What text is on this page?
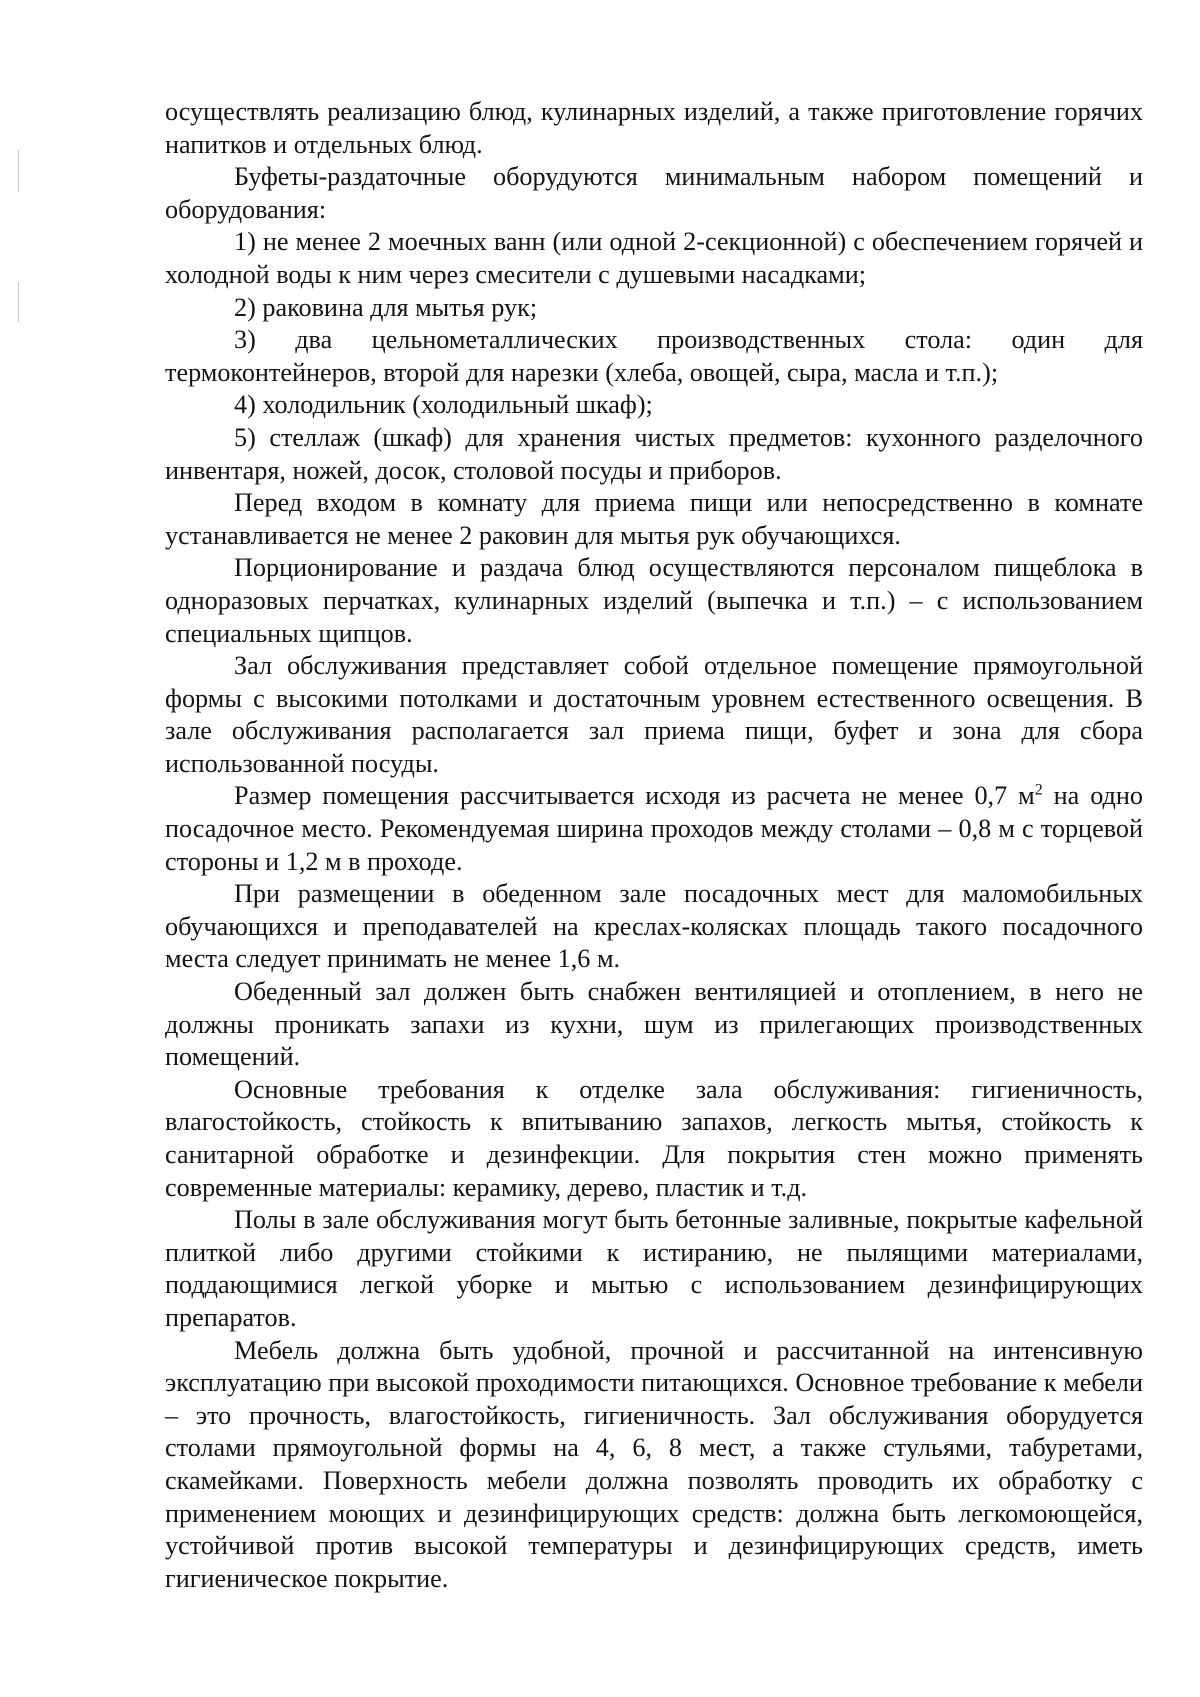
осуществлять реализацию блюд, кулинарных изделий, а также приготовление горячих напитков и отдельных блюд.

Буфеты-раздаточные оборудуются минимальным набором помещений и оборудования:

1) не менее 2 моечных ванн (или одной 2-секционной) с обеспечением горячей и холодной воды к ним через смесители с душевыми насадками;

2) раковина для мытья рук;

3) два цельнометаллических производственных стола: один для термоконтейнеров, второй для нарезки (хлеба, овощей, сыра, масла и т.п.);

4) холодильник (холодильный шкаф);

5) стеллаж (шкаф) для хранения чистых предметов: кухонного разделочного инвентаря, ножей, досок, столовой посуды и приборов.

Перед входом в комнату для приема пищи или непосредственно в комнате устанавливается не менее 2 раковин для мытья рук обучающихся.

Порционирование и раздача блюд осуществляются персоналом пищеблока в одноразовых перчатках, кулинарных изделий (выпечка и т.п.) – с использованием специальных щипцов.

Зал обслуживания представляет собой отдельное помещение прямоугольной формы с высокими потолками и достаточным уровнем естественного освещения. В зале обслуживания располагается зал приема пищи, буфет и зона для сбора использованной посуды.

Размер помещения рассчитывается исходя из расчета не менее 0,7 $м^2$ на одно посадочное место. Рекомендуемая ширина проходов между столами – 0,8 м с торцевой стороны и 1,2 м в проходе.

При размещении в обеденном зале посадочных мест для маломобильных обучающихся и преподавателей на креслах-колясках площадь такого посадочного места следует принимать не менее 1,6 м.

Обеденный зал должен быть снабжен вентиляцией и отоплением, в него не должны проникать запахи из кухни, шум из прилегающих производственных помещений.

Основные требования к отделке зала обслуживания: гигиеничность, влагостойкость, стойкость к впитыванию запахов, легкость мытья, стойкость к санитарной обработке и дезинфекции. Для покрытия стен можно применять современные материалы: керамику, дерево, пластик и т.д.

Полы в зале обслуживания могут быть бетонные заливные, покрытые кафельной плиткой либо другими стойкими к истиранию, не пылящими материалами, поддающимися легкой уборке и мытью с использованием дезинфицирующих препаратов.

Мебель должна быть удобной, прочной и рассчитанной на интенсивную эксплуатацию при высокой проходимости питающихся. Основное требование к мебели – это прочность, влагостойкость, гигиеничность. Зал обслуживания оборудуется столами прямоугольной формы на 4, 6, 8 мест, а также стульями, табуретами, скамейками. Поверхность мебели должна позволять проводить их обработку с применением моющих и дезинфицирующих средств: должна быть легкомоющейся, устойчивой против высокой температуры и дезинфицирующих средств, иметь гигиеническое покрытие.
